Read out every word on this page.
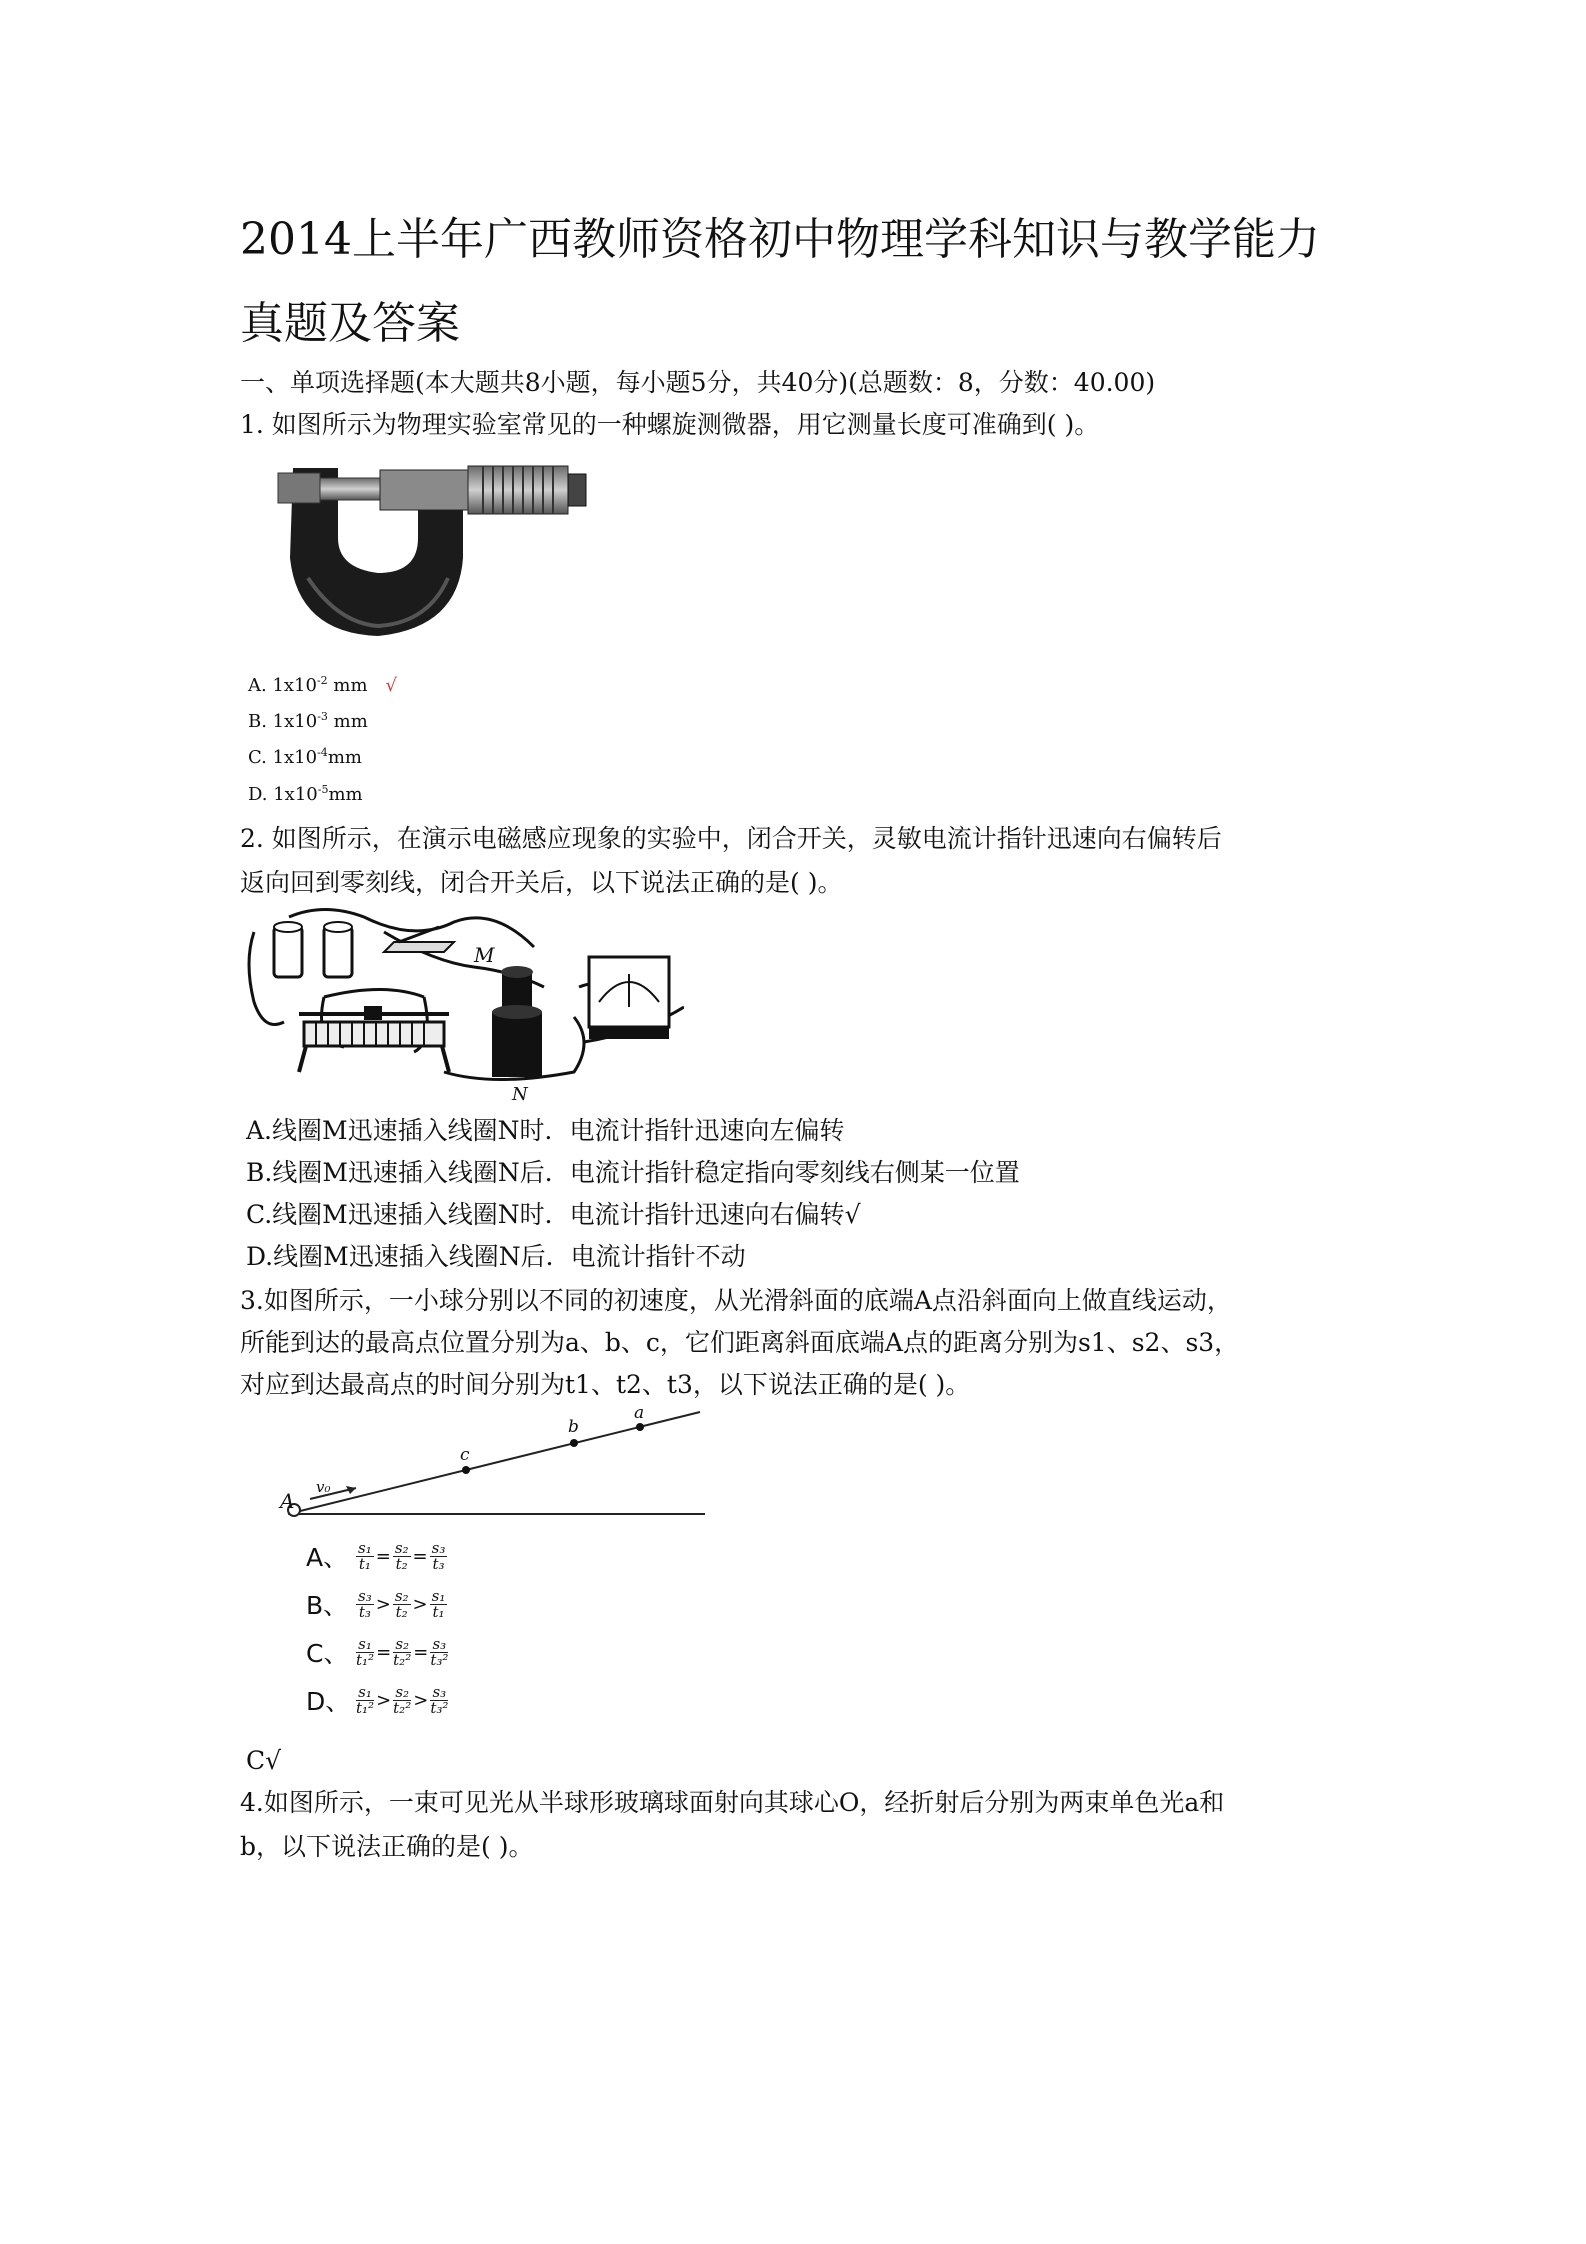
2014上半年广西教师资格初中物理学科知识与教学能力真题及答案
一、单项选择题(本大题共8小题，每小题5分，共40分)(总题数：8，分数：40.00)
1. 如图所示为物理实验室常见的一种螺旋测微器，用它测量长度可准确到( )。
A. $1x10^{-2}$ mm √
B. $1x10^{-3}$ mm
C. $1x10^{-4}mm$
D. $1x10^{-5}mm$
2. 如图所示，在演示电磁感应现象的实验中，闭合开关，灵敏电流计指针迅速向右偏转后
返向回到零刻线，闭合开关后，以下说法正确的是( )。
M
N
A.线圈M迅速插入线圈N时．电流计指针迅速向左偏转
B.线圈M迅速插入线圈N后．电流计指针稳定指向零刻线右侧某一位置
C.线圈M迅速插入线圈N时．电流计指针迅速向右偏转√
D.线圈M迅速插入线圈N后．电流计指针不动
3.如图所示，一小球分别以不同的初速度，从光滑斜面的底端A点沿斜面向上做直线运动，
所能到达的最高点位置分别为a、b、c，它们距离斜面底端A点的距离分别为s1、s2、s3，
对应到达最高点的时间分别为t1、t2、t3，以下说法正确的是( )。
A
v₀
c
b
a
A、 $\frac{\text{s₁}}{\text{t₁}} = \frac{\text{s₂}}{\text{t₂}} = \frac{\text{s₃}}{\text{t₃}}$
B、 $\frac{\text{s₃}}{\text{t₃}} > \frac{\text{s₂}}{\text{t₂}} > \frac{\text{s₁}}{\text{t₁}}$
C、 $\frac{\text{s₁}}{\text{t₁²}} = \frac{\text{s₂}}{\text{t₂²}} = \frac{\text{s₃}}{\text{t₃²}}$
D、 $\frac{\text{s₁}}{\text{t₁²}} > \frac{\text{s₂}}{\text{t₂²}} > \frac{\text{s₃}}{\text{t₃²}}$
C√
4.如图所示，一束可见光从半球形玻璃球面射向其球心O，经折射后分别为两束单色光a和
b，以下说法正确的是( )。
